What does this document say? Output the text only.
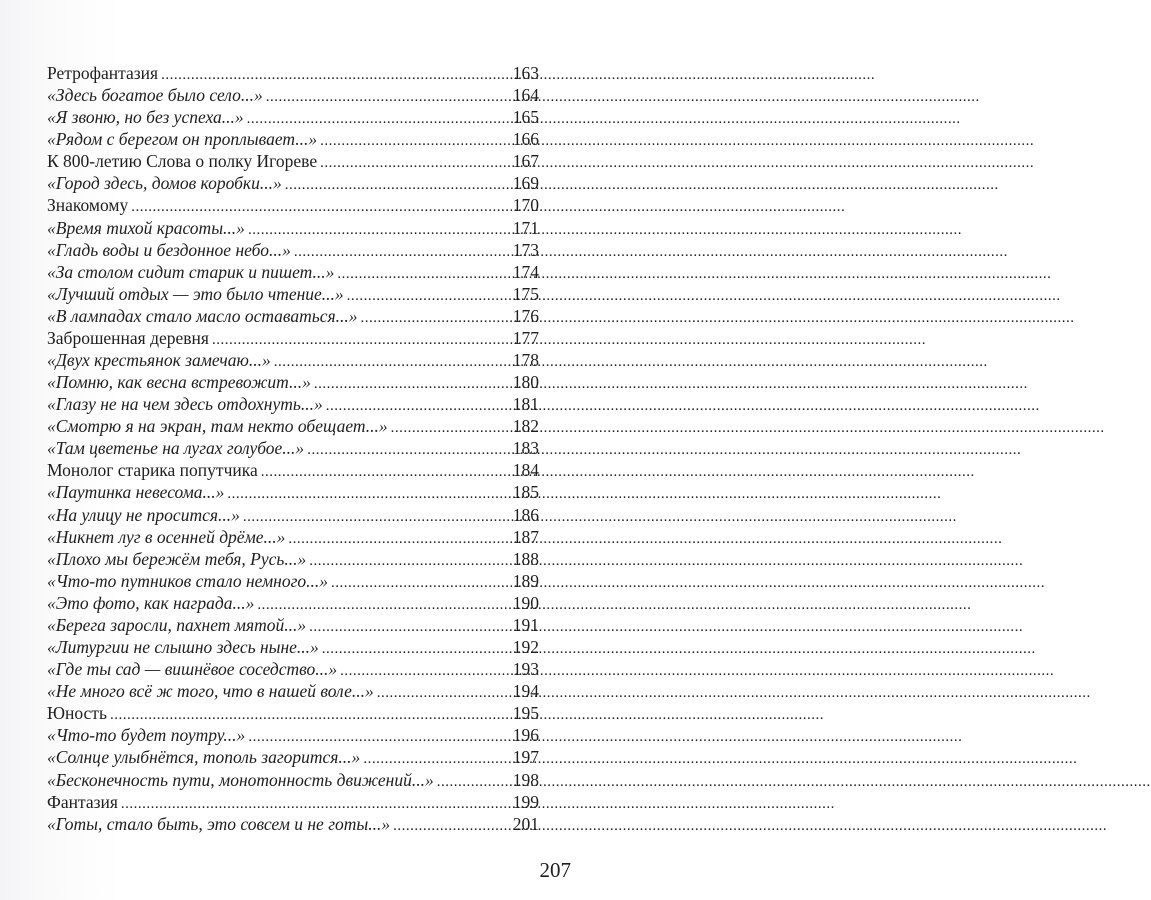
Ретрофантазия .....	163
«Здесь богатое было село...» .....	164
«Я звоню, но без успеха...» .....	165
«Рядом с берегом он проплывает...» .....	166
К 800-летию Слова о полку Игореве .....	167
«Город здесь, домов коробки...» .....	169
Знакомому .....	170
«Время тихой красоты...» .....	171
«Гладь воды и бездонное небо...» .....	173
«За столом сидит старик и пишет...» .....	174
«Лучший отдых — это было чтение...» .....	175
«В лампадах стало масло оставаться...» .....	176
Заброшенная деревня .....	177
«Двух крестьянок замечаю...» .....	178
«Помню, как весна встревожит...» .....	180
«Глазу не на чем здесь отдохнуть...» .....	181
«Смотрю я на экран, там некто обещает...» .....	182
«Там цветенье на лугах голубое...» .....	183
Монолог старика попутчика .....	184
«Паутинка невесома...» .....	185
«На улицу не просится...» .....	186
«Никнет луг в осенней дрёме...» .....	187
«Плохо мы бережём тебя, Русь...» .....	188
«Что-то путников стало немного...» .....	189
«Это фото, как награда...» .....	190
«Берега заросли, пахнет мятой...» .....	191
«Литургии не слышно здесь ныне...» .....	192
«Где ты сад — вишнёвое соседство...» .....	193
«Не много всё ж того, что в нашей воле...» .....	194
Юность .....	195
«Что-то будет поутру...» .....	196
«Солнце улыбнётся, тополь загорится...» .....	197
«Бесконечность пути, монотонность движений...» .....	198
Фантазия .....	199
«Готы, стало быть, это совсем и не готы...» .....	201
207
